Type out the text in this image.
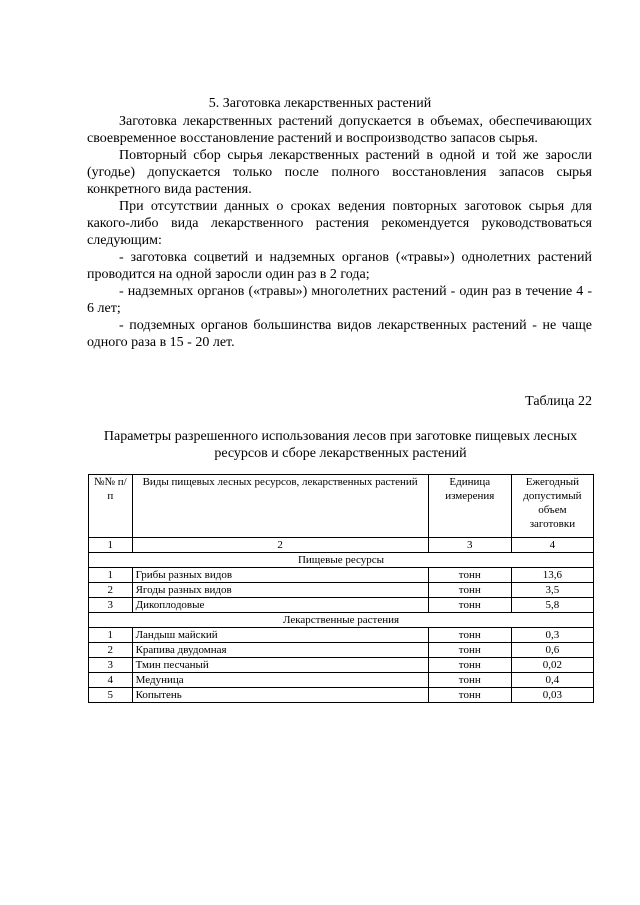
5. Заготовка лекарственных растений

Заготовка лекарственных растений допускается в объемах, обеспечивающих своевременное восстановление растений и воспроизводство запасов сырья.

Повторный сбор сырья лекарственных растений в одной и той же заросли (угодье) допускается только после полного восстановления запасов сырья конкретного вида растения.

При отсутствии данных о сроках ведения повторных заготовок сырья для какого-либо вида лекарственного растения рекомендуется руководствоваться следующим:

- заготовка соцветий и надземных органов («травы») однолетних растений проводится на одной заросли один раз в 2 года;

- надземных органов («травы») многолетних растений - один раз в течение 4 - 6 лет;

- подземных органов большинства видов лекарственных растений - не чаще одного раза в 15 - 20 лет.

Таблица 22
Параметры разрешенного использования лесов при заготовке пищевых лесных ресурсов и сборе лекарственных растений
№№ п/п	Виды пищевых лесных ресурсов, лекарственных растений	Единица измерения	Ежегодный допустимый объем заготовки
1	2	3	4
Пищевые ресурсы			
1	Грибы разных видов	тонн	13,6
2	Ягоды разных видов	тонн	3,5
3	Дикоплодовые	тонн	5,8
Лекарственные растения			
1	Ландыш майский	тонн	0,3
2	Крапива двудомная	тонн	0,6
3	Тмин песчаный	тонн	0,02
4	Медуница	тонн	0,4
5	Копытень	тонн	0,03
